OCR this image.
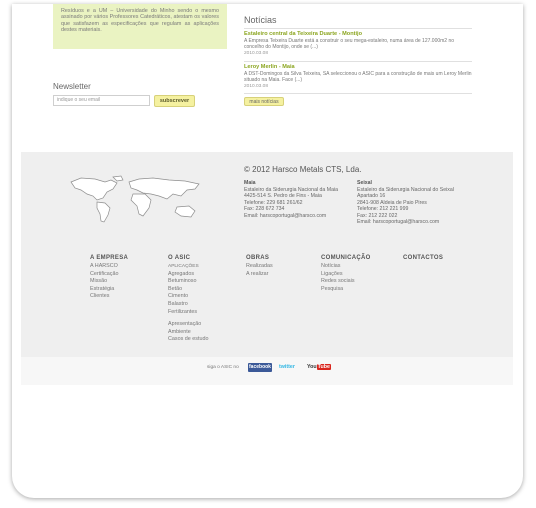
Resíduos e a UM – Universidade do Minho sendo o mesmo assinado por vários Professores Catedráticos, atestam os valores que satisfazem as especificações que regulam as aplicações destes materiais.
Newsletter
indique o seu email	subscrever
Notícias
Estaleiro central da Teixeira Duarte - Montijo
A Empresa Teixeira Duarte está a construir o seu mega-estaleiro, numa área de 127.000m2 no concelho do Montijo, onde se (...)
2010.03.08
Leroy Merlin - Maia
A DST-Domingos da Silva Teixeira, SA seleccionou o ASIC para a construção de mais um Leroy Merlin situado na Maia. Face (...)
2010.03.08
mais notícias
© 2012 Harsco Metals CTS, Lda.
Maia
Estaleiro da Siderurgia Nacional da Maia
4425-514 S. Pedro de Fins - Maia
Telefone: 229 681 261/62
Fax: 228 672 734
Email: harscoportugal@harsco.com
Seixal
Estaleiro da Siderurgia Nacional do Seixal
Apartado 16
2841-908 Aldeia de Paio Pires
Telefone: 212 221 999
Fax: 212 222 022
Email: harscoportugal@harsco.com
A EMPRESA
A HARSCO
Certificação
Missão
Estratégia
Clientes
O ASIC
APLICAÇÕES
Agregados
Betuminoso
Betão
Cimento
Balastro
Fertilizantes
Apresentação
Ambiente
Casos de estudo
OBRAS
Realizadas
A realizar
COMUNICAÇÃO
Notícias
Ligações
Redes sociais
Pesquisa
CONTACTOS
siga o ASIC no facebook twitter	YouTube
